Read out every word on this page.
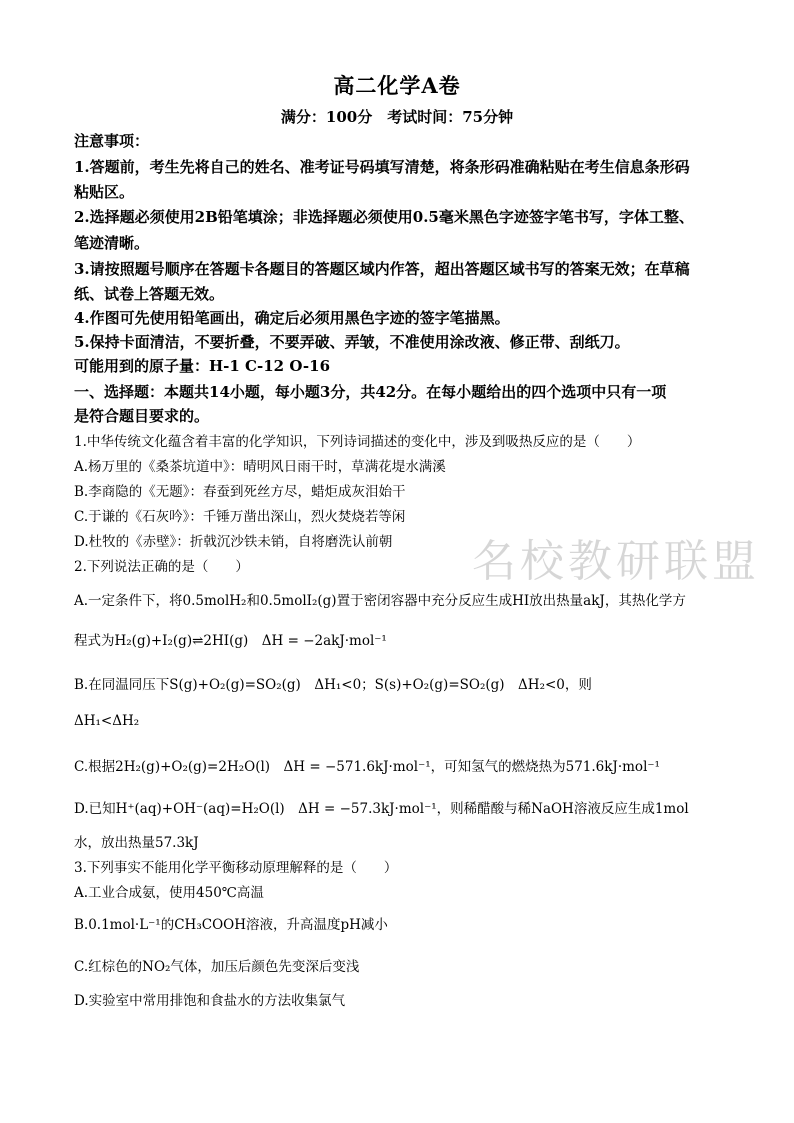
高二化学A卷
满分：100分　考试时间：75分钟
注意事项：
1.答题前，考生先将自己的姓名、准考证号码填写清楚，将条形码准确粘贴在考生信息条形码
粘贴区。
2.选择题必须使用2B铅笔填涂；非选择题必须使用0.5毫米黑色字迹签字笔书写，字体工整、
笔迹清晰。
3.请按照题号顺序在答题卡各题目的答题区域内作答，超出答题区域书写的答案无效；在草稿
纸、试卷上答题无效。
4.作图可先使用铅笔画出，确定后必须用黑色字迹的签字笔描黑。
5.保持卡面清洁，不要折叠，不要弄破、弄皱，不准使用涂改液、修正带、刮纸刀。
可能用到的原子量：H-1 C-12 O-16
一、选择题：本题共14小题，每小题3分，共42分。在每小题给出的四个选项中只有一项
是符合题目要求的。
1.中华传统文化蕴含着丰富的化学知识，下列诗词描述的变化中，涉及到吸热反应的是（　　）
A.杨万里的《桑茶坑道中》：晴明风日雨干时，草满花堤水满溪
B.李商隐的《无题》：春蚕到死丝方尽，蜡炬成灰泪始干
C.于谦的《石灰吟》：千锤万凿出深山，烈火焚烧若等闲
D.杜牧的《赤壁》：折戟沉沙铁未销，自将磨洗认前朝
2.下列说法正确的是（　　）
A.一定条件下，将0.5molH₂和0.5molI₂(g)置于密闭容器中充分反应生成HI放出热量akJ，其热化学方
程式为H₂(g)+I₂(g)⇌2HI(g)　ΔH = −2akJ·mol⁻¹
B.在同温同压下S(g)+O₂(g)=SO₂(g)　ΔH₁<0；S(s)+O₂(g)=SO₂(g)　ΔH₂<0，则
ΔH₁<ΔH₂
C.根据2H₂(g)+O₂(g)=2H₂O(l)　ΔH = −571.6kJ·mol⁻¹，可知氢气的燃烧热为571.6kJ·mol⁻¹
D.已知H⁺(aq)+OH⁻(aq)=H₂O(l)　ΔH = −57.3kJ·mol⁻¹，则稀醋酸与稀NaOH溶液反应生成1mol
水，放出热量57.3kJ
3.下列事实不能用化学平衡移动原理解释的是（　　）
A.工业合成氨，使用450℃高温
B.0.1mol·L⁻¹的CH₃COOH溶液，升高温度pH减小
C.红棕色的NO₂气体，加压后颜色先变深后变浅
D.实验室中常用排饱和食盐水的方法收集氯气
名校教研联盟
